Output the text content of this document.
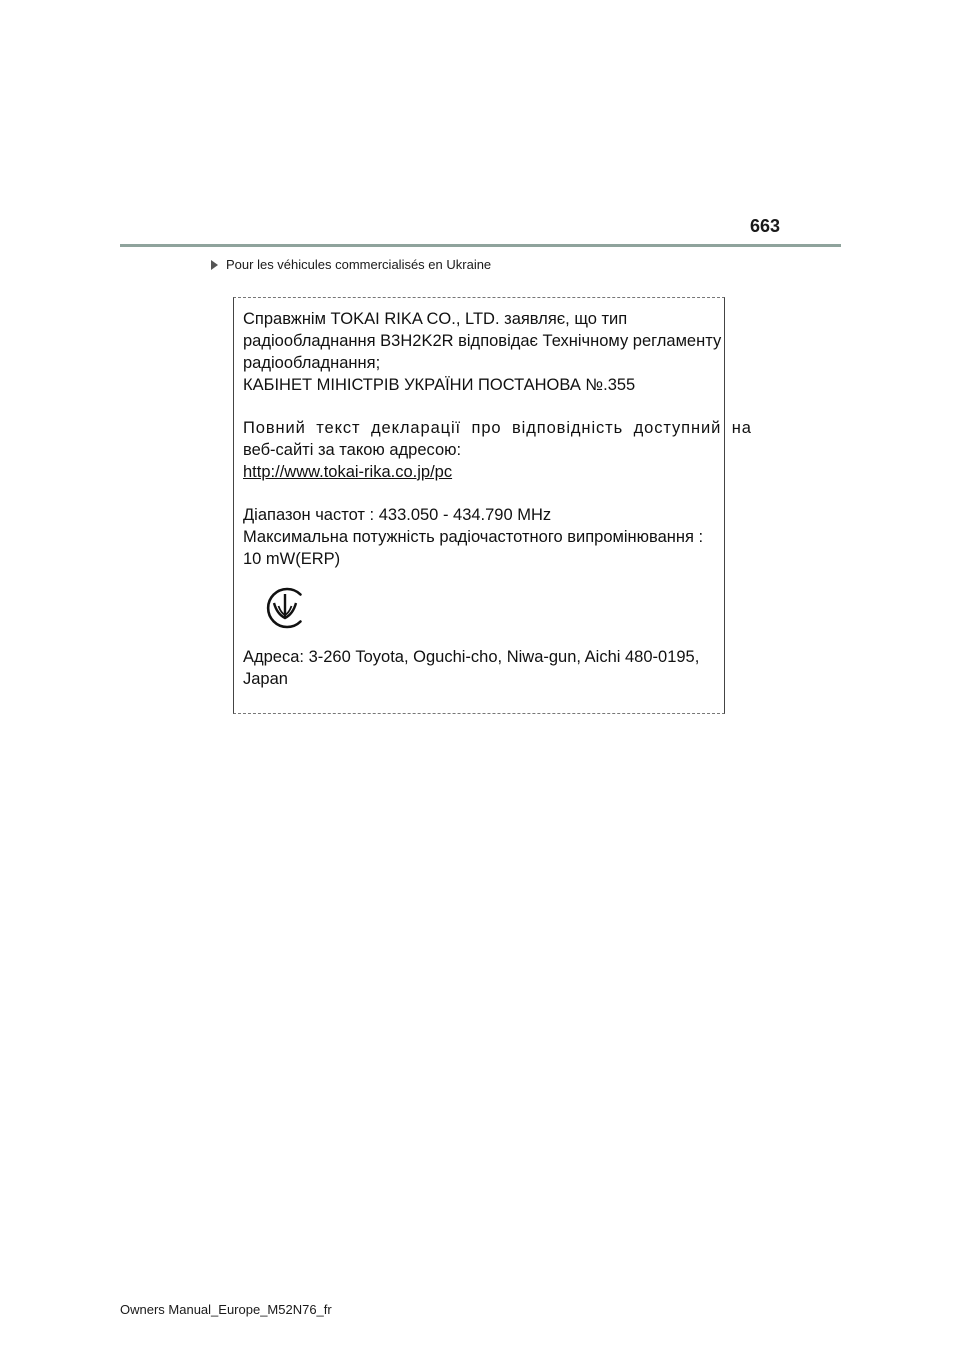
663
Pour les véhicules commercialisés en Ukraine

Справжнім TOKAI RIKA CO., LTD. заявляє, що тип

радіообладнання B3H2K2R відповідає Технічному регламенту

радіообладнання;

КАБІНЕТ МІНІСТРІВ УКРАЇНИ ПОСТАНОВА №.355

Повний текст декларації про відповідність доступний на

веб-сайті за такою адресою:

http://www.tokai-rika.co.jp/pc

Діапазон частот : 433.050 - 434.790 MHz

Максимальна потужність радіочастотного випромінювання :

10 mW(ERP)

Адреса: 3-260 Toyota, Oguchi-cho, Niwa-gun, Aichi 480-0195,

Japan

Owners Manual_Europe_M52N76_fr
